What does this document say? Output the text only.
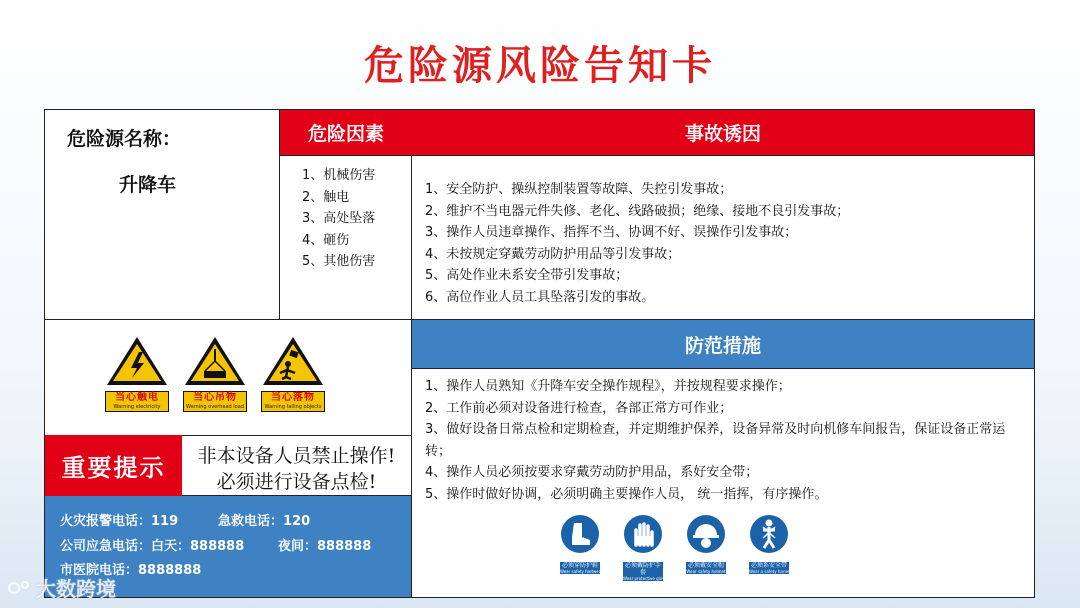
危险源风险告知卡
危险源名称：
升降车
危险因素
1、机械伤害
2、触电
3、高处坠落
4、砸伤
5、其他伤害
事故诱因
1、安全防护、操纵控制装置等故障、失控引发事故；
2、维护不当电器元件失修、老化、线路破损；绝缘、接地不良引发事故；
3、操作人员违章操作、指挥不当、协调不好、误操作引发事故；
4、未按规定穿戴劳动防护用品等引发事故；
5、高处作业未系安全带引发事故；
6、高位作业人员工具坠落引发的事故。
当心触电
Warning electricity
当心吊物
Warning overhead load
当心落物
Warning falling objects
重要提示	非本设备人员禁止操作!
必须进行设备点检!
火灾报警电话：119	急救电话：120
公司应急电话：白天：888888	夜间：888888
市医院电话：8888888
防范措施
1、操作人员熟知《升降车安全操作规程》，并按规程要求操作；
2、工作前必须对设备进行检查，各部正常方可作业；
3、做好设备日常点检和定期检查，并定期维护保养，设备异常及时向机修车间报告，保证设备正常运转；
4、操作人员必须按要求穿戴劳动防护用品，系好安全带；
5、操作时做好协调，必须明确主要操作人员， 统一指挥，有序操作。
必须穿防护鞋
Wear safety footwear
必须戴防护手套
Wear protective gloves
必须戴安全帽
Wear safety helmet
必须系安全带
Wear a safety harness
大数跨境
